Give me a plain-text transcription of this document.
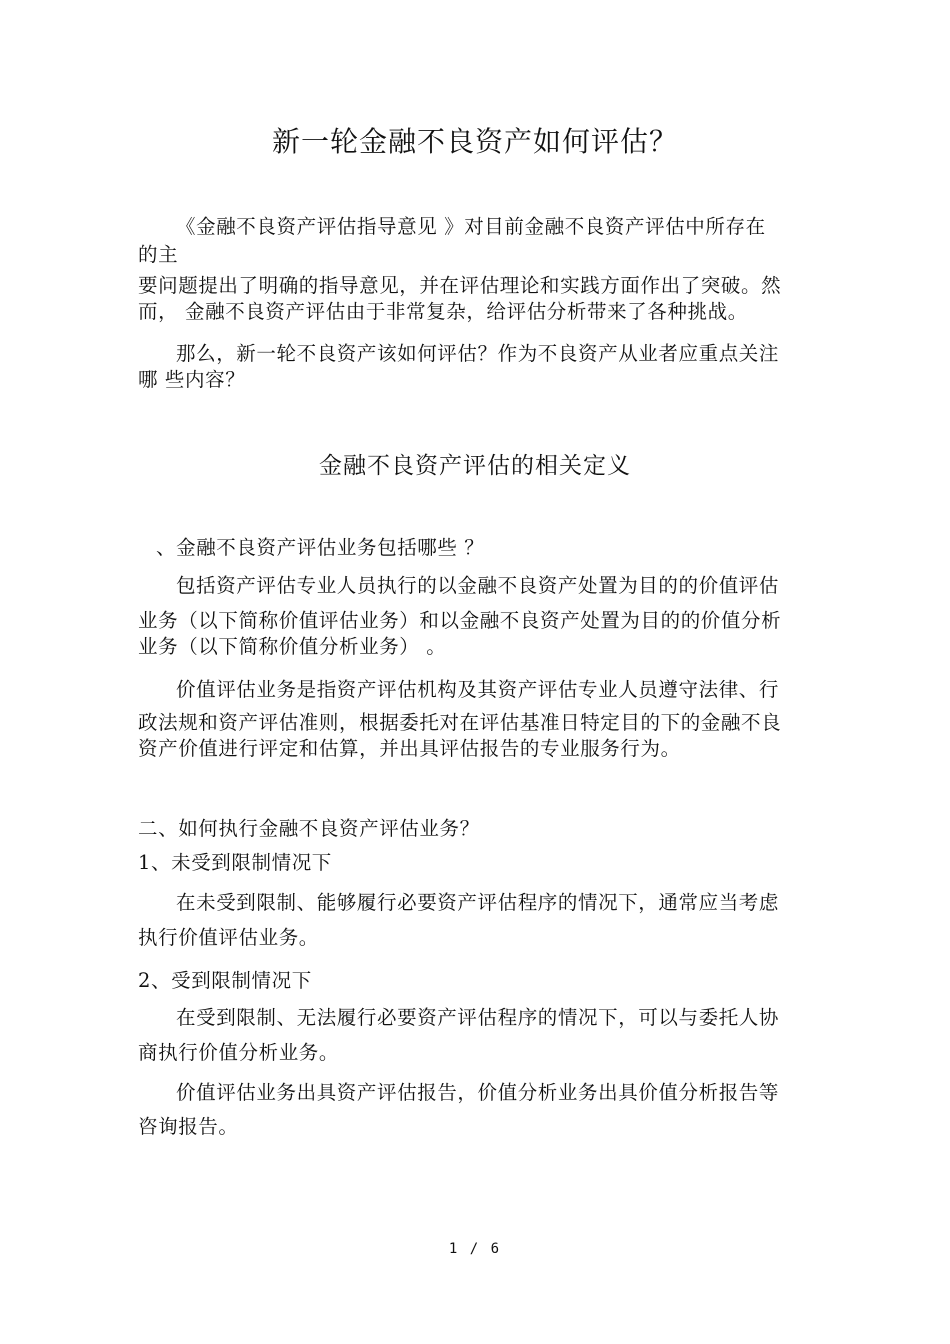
新一轮金融不良资产如何评估？
《金融不良资产评估指导意见 》对目前金融不良资产评估中所存在
的主
要问题提出了明确的指导意见，并在评估理论和实践方面作出了突破。然
而， 金融不良资产评估由于非常复杂，给评估分析带来了各种挑战。
那么，新一轮不良资产该如何评估？作为不良资产从业者应重点关注
哪 些内容？
金融不良资产评估的相关定义
、金融不良资产评估业务包括哪些 ？
包括资产评估专业人员执行的以金融不良资产处置为目的的价值评估
业务（以下简称价值评估业务）和以金融不良资产处置为目的的价值分析
业务（以下简称价值分析业务） 。
价值评估业务是指资产评估机构及其资产评估专业人员遵守法律、行
政法规和资产评估准则，根据委托对在评估基准日特定目的下的金融不良
资产价值进行评定和估算，并出具评估报告的专业服务行为。
二、如何执行金融不良资产评估业务？
1、未受到限制情况下
在未受到限制、能够履行必要资产评估程序的情况下，通常应当考虑
执行价值评估业务。
2、受到限制情况下
在受到限制、无法履行必要资产评估程序的情况下，可以与委托人协
商执行价值分析业务。
价值评估业务出具资产评估报告，价值分析业务出具价值分析报告等
咨询报告。
1 / 6
